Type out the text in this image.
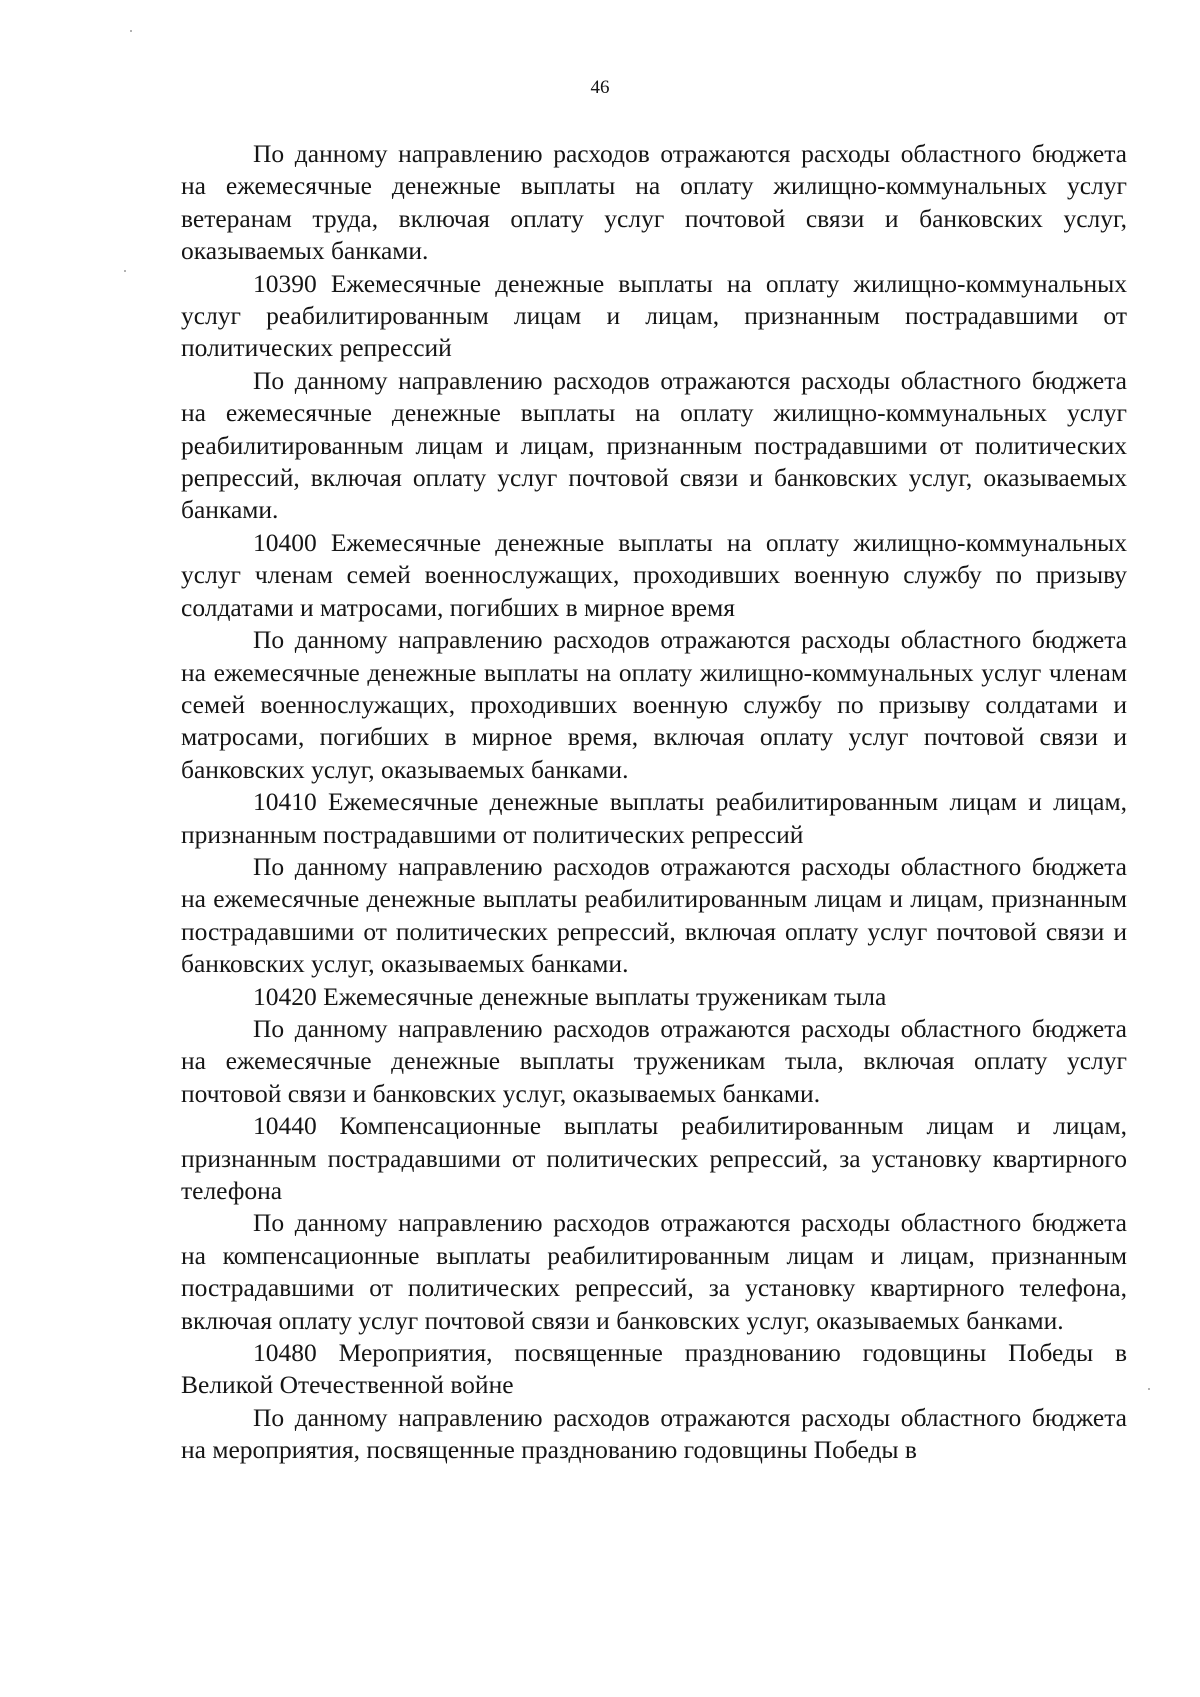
46

По данному направлению расходов отражаются расходы областного бюджета на ежемесячные денежные выплаты на оплату жилищно-коммунальных услуг ветеранам труда, включая оплату услуг почтовой связи и банковских услуг, оказываемых банками.

10390 Ежемесячные денежные выплаты на оплату жилищно-коммунальных услуг реабилитированным лицам и лицам, признанным пострадавшими от политических репрессий

По данному направлению расходов отражаются расходы областного бюджета на ежемесячные денежные выплаты на оплату жилищно-коммунальных услуг реабилитированным лицам и лицам, признанным пострадавшими от политических репрессий, включая оплату услуг почтовой связи и банковских услуг, оказываемых банками.

10400 Ежемесячные денежные выплаты на оплату жилищно-коммунальных услуг членам семей военнослужащих, проходивших военную службу по призыву солдатами и матросами, погибших в мирное время

По данному направлению расходов отражаются расходы областного бюджета на ежемесячные денежные выплаты на оплату жилищно-коммунальных услуг членам семей военнослужащих, проходивших военную службу по призыву солдатами и матросами, погибших в мирное время, включая оплату услуг почтовой связи и банковских услуг, оказываемых банками.

10410 Ежемесячные денежные выплаты реабилитированным лицам и лицам, признанным пострадавшими от политических репрессий

По данному направлению расходов отражаются расходы областного бюджета на ежемесячные денежные выплаты реабилитированным лицам и лицам, признанным пострадавшими от политических репрессий, включая оплату услуг почтовой связи и банковских услуг, оказываемых банками.

10420 Ежемесячные денежные выплаты труженикам тыла

По данному направлению расходов отражаются расходы областного бюджета на ежемесячные денежные выплаты труженикам тыла, включая оплату услуг почтовой связи и банковских услуг, оказываемых банками.

10440 Компенсационные выплаты реабилитированным лицам и лицам, признанным пострадавшими от политических репрессий, за установку квартирного телефона

По данному направлению расходов отражаются расходы областного бюджета на компенсационные выплаты реабилитированным лицам и лицам, признанным пострадавшими от политических репрессий, за установку квартирного телефона, включая оплату услуг почтовой связи и банковских услуг, оказываемых банками.

10480 Мероприятия, посвященные празднованию годовщины Победы в Великой Отечественной войне

По данному направлению расходов отражаются расходы областного бюджета на мероприятия, посвященные празднованию годовщины Победы в
